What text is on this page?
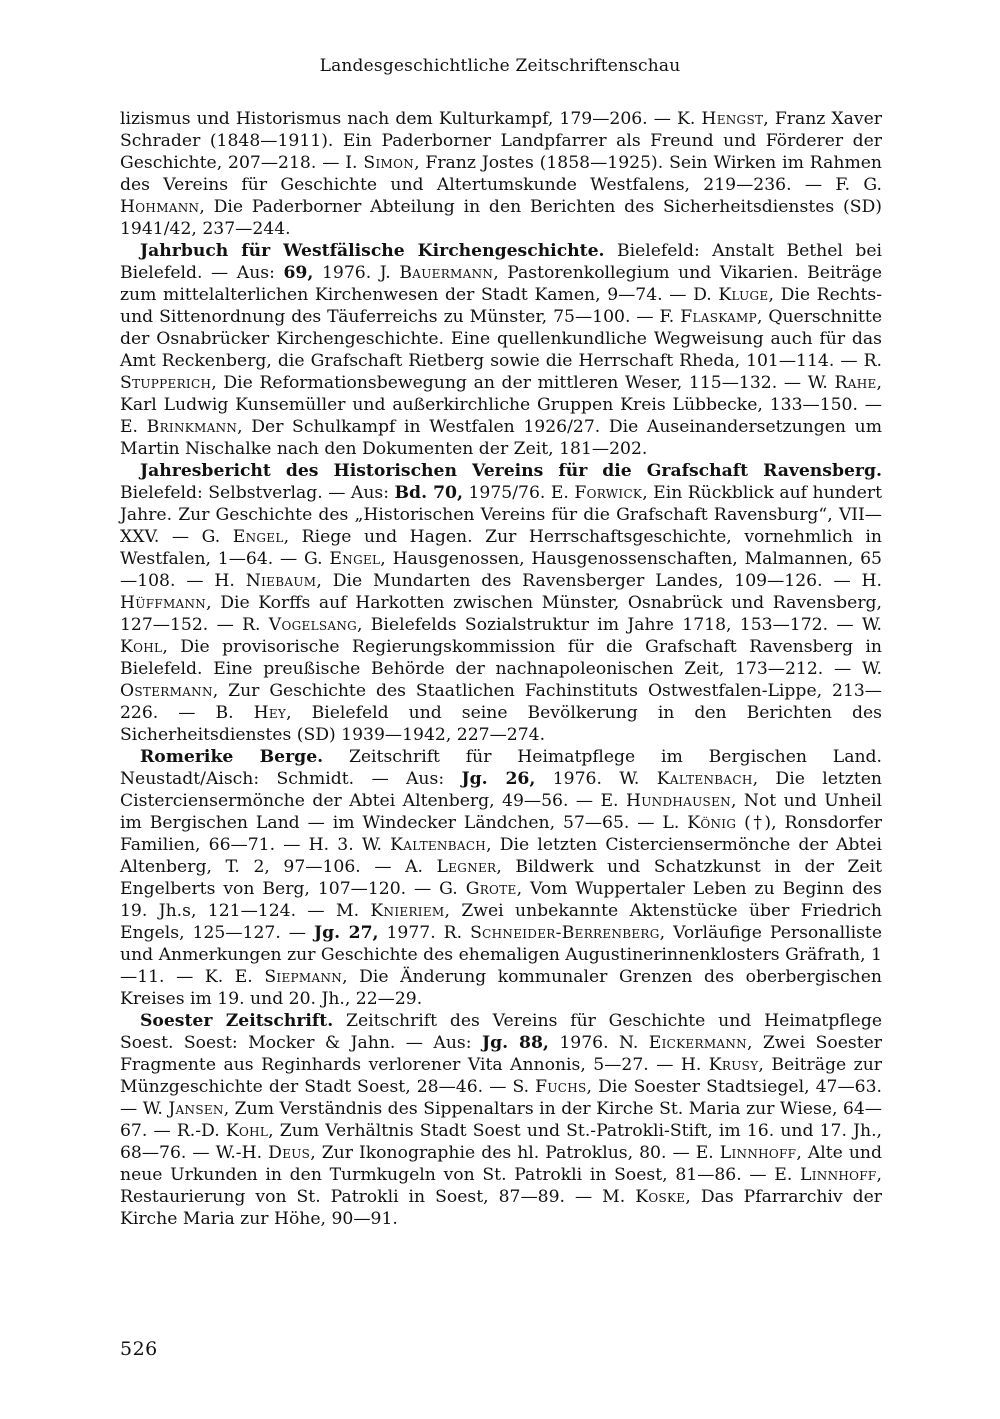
Landesgeschichtliche Zeitschriftenschau

lizismus und Historismus nach dem Kulturkampf, 179—206. — K. Hengst, Franz Xaver Schrader (1848—1911). Ein Paderborner Landpfarrer als Freund und Förderer der Geschichte, 207—218. — I. Simon, Franz Jostes (1858—1925). Sein Wirken im Rahmen des Vereins für Geschichte und Altertumskunde Westfalens, 219—236. — F. G. Hohmann, Die Paderborner Abteilung in den Berichten des Sicherheitsdienstes (SD) 1941/42, 237—244.

Jahrbuch für Westfälische Kirchengeschichte. Bielefeld: Anstalt Bethel bei Bielefeld. — Aus: 69, 1976. J. Bauermann, Pastorenkollegium und Vikarien. Beiträge zum mittelalterlichen Kirchenwesen der Stadt Kamen, 9—74. — D. Kluge, Die Rechts- und Sittenordnung des Täuferreichs zu Münster, 75—100. — F. Flaskamp, Querschnitte der Osnabrücker Kirchengeschichte. Eine quellenkundliche Wegweisung auch für das Amt Reckenberg, die Grafschaft Rietberg sowie die Herrschaft Rheda, 101—114. — R. Stupperich, Die Reformationsbewegung an der mittleren Weser, 115—132. — W. Rahe, Karl Ludwig Kunsemüller und außerkirchliche Gruppen Kreis Lübbecke, 133—150. — E. Brinkmann, Der Schulkampf in Westfalen 1926/27. Die Auseinandersetzungen um Martin Nischalke nach den Dokumenten der Zeit, 181—202.

Jahresbericht des Historischen Vereins für die Grafschaft Ravensberg. Bielefeld: Selbstverlag. — Aus: Bd. 70, 1975/76. E. Forwick, Ein Rückblick auf hundert Jahre. Zur Geschichte des „Historischen Vereins für die Grafschaft Ravensburg“, VII—XXV. — G. Engel, Riege und Hagen. Zur Herrschaftsgeschichte, vornehmlich in Westfalen, 1—64. — G. Engel, Hausgenossen, Hausgenossenschaften, Malmannen, 65—108. — H. Niebaum, Die Mundarten des Ravensberger Landes, 109—126. — H. Hüffmann, Die Korffs auf Harkotten zwischen Münster, Osnabrück und Ravensberg, 127—152. — R. Vogelsang, Bielefelds Sozialstruktur im Jahre 1718, 153—172. — W. Kohl, Die provisorische Regierungskommission für die Grafschaft Ravensberg in Bielefeld. Eine preußische Behörde der nachnapoleonischen Zeit, 173—212. — W. Ostermann, Zur Geschichte des Staatlichen Fachinstituts Ostwestfalen-Lippe, 213—226. — B. Hey, Bielefeld und seine Bevölkerung in den Berichten des Sicherheitsdienstes (SD) 1939—1942, 227—274.

Romerike Berge. Zeitschrift für Heimatpflege im Bergischen Land. Neustadt/Aisch: Schmidt. — Aus: Jg. 26, 1976. W. Kaltenbach, Die letzten Cisterciensermönche der Abtei Altenberg, 49—56. — E. Hundhausen, Not und Unheil im Bergischen Land — im Windecker Ländchen, 57—65. — L. König (†), Ronsdorfer Familien, 66—71. — H. 3. W. Kaltenbach, Die letzten Cisterciensermönche der Abtei Altenberg, T. 2, 97—106. — A. Legner, Bildwerk und Schatzkunst in der Zeit Engelberts von Berg, 107—120. — G. Grote, Vom Wuppertaler Leben zu Beginn des 19. Jh.s, 121—124. — M. Knieriem, Zwei unbekannte Aktenstücke über Friedrich Engels, 125—127. — Jg. 27, 1977. R. Schneider-Berrenberg, Vorläufige Personalliste und Anmerkungen zur Geschichte des ehemaligen Augustinerinnenklosters Gräfrath, 1—11. — K. E. Siepmann, Die Änderung kommunaler Grenzen des oberbergischen Kreises im 19. und 20. Jh., 22—29.

Soester Zeitschrift. Zeitschrift des Vereins für Geschichte und Heimatpflege Soest. Soest: Mocker & Jahn. — Aus: Jg. 88, 1976. N. Eickermann, Zwei Soester Fragmente aus Reginhards verlorener Vita Annonis, 5—27. — H. Krusy, Beiträge zur Münzgeschichte der Stadt Soest, 28—46. — S. Fuchs, Die Soester Stadtsiegel, 47—63. — W. Jansen, Zum Verständnis des Sippenaltars in der Kirche St. Maria zur Wiese, 64—67. — R.-D. Kohl, Zum Verhältnis Stadt Soest und St.-Patrokli-Stift, im 16. und 17. Jh., 68—76. — W.-H. Deus, Zur Ikonographie des hl. Patroklus, 80. — E. Linnhoff, Alte und neue Urkunden in den Turmkugeln von St. Patrokli in Soest, 81—86. — E. Linnhoff, Restaurierung von St. Patrokli in Soest, 87—89. — M. Koske, Das Pfarrarchiv der Kirche Maria zur Höhe, 90—91.

526
